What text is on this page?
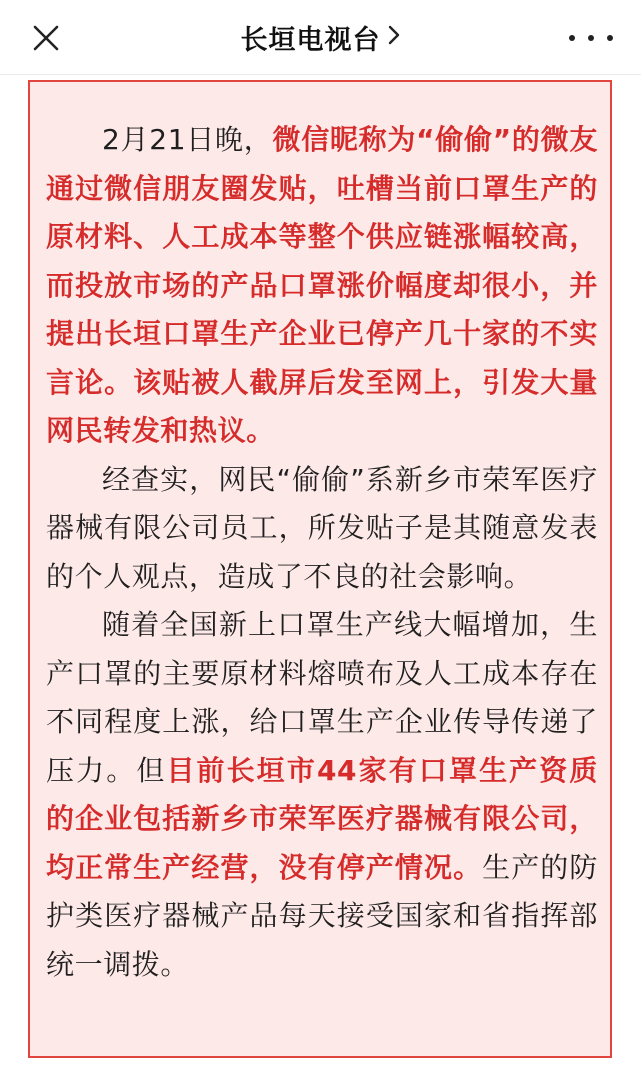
长垣电视台

2月21日晚，微信昵称为“偷偷”的微友通过微信朋友圈发贴，吐槽当前口罩生产的原材料、人工成本等整个供应链涨幅较高，而投放市场的产品口罩涨价幅度却很小，并提出长垣口罩生产企业已停产几十家的不实言论。该贴被人截屏后发至网上，引发大量网民转发和热议。

经查实，网民“偷偷”系新乡市荣军医疗器械有限公司员工，所发贴子是其随意发表的个人观点，造成了不良的社会影响。

随着全国新上口罩生产线大幅增加，生产口罩的主要原材料熔喷布及人工成本存在不同程度上涨，给口罩生产企业传导传递了压力。但目前长垣市44家有口罩生产资质的企业包括新乡市荣军医疗器械有限公司，均正常生产经营，没有停产情况。生产的防护类医疗器械产品每天接受国家和省指挥部统一调拨。
